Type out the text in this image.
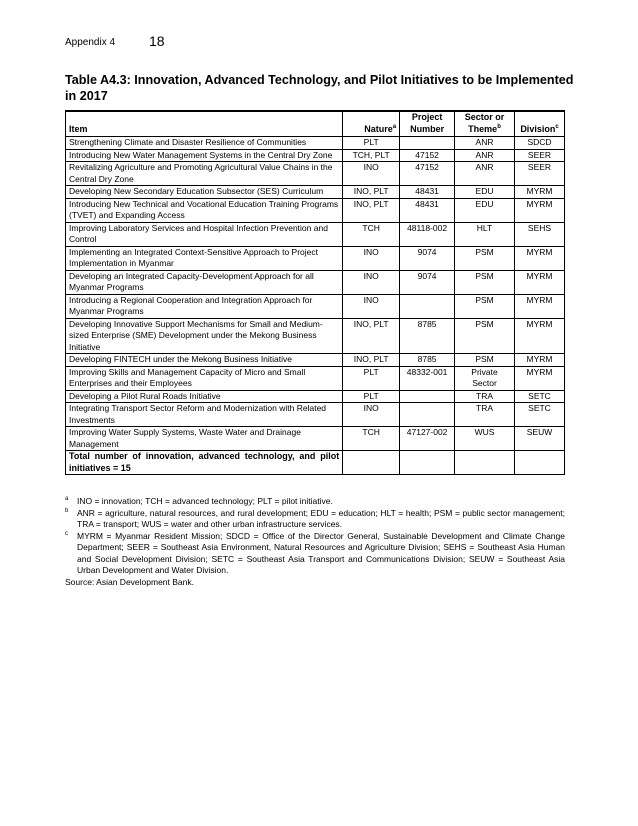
Appendix 4 18
Table A4.3: Innovation, Advanced Technology, and Pilot Initiatives to be Implemented in 2017
Item	Nature$^a$	Project Number	Sector or Theme$^b$	Division$^c$
Strengthening Climate and Disaster Resilience of Communities	PLT		ANR	SDCD
Introducing New Water Management Systems in the Central Dry Zone	TCH, PLT	47152	ANR	SEER
Revitalizing Agriculture and Promoting Agricultural Value Chains in the Central Dry Zone	INO	47152	ANR	SEER
Developing New Secondary Education Subsector (SES) Curriculum	INO, PLT	48431	EDU	MYRM
Introducing New Technical and Vocational Education Training Programs (TVET) and Expanding Access	INO, PLT	48431	EDU	MYRM
Improving Laboratory Services and Hospital Infection Prevention and Control	TCH	48118-002	HLT	SEHS
Implementing an Integrated Context-Sensitive Approach to Project Implementation in Myanmar	INO	9074	PSM	MYRM
Developing an Integrated Capacity-Development Approach for all Myanmar Programs	INO	9074	PSM	MYRM
Introducing a Regional Cooperation and Integration Approach for Myanmar Programs	INO		PSM	MYRM
Developing Innovative Support Mechanisms for Small and Medium-sized Enterprise (SME) Development under the Mekong Business Initiative	INO, PLT	8785	PSM	MYRM
Developing FINTECH under the Mekong Business Initiative	INO, PLT	8785	PSM	MYRM
Improving Skills and Management Capacity of Micro and Small Enterprises and their Employees	PLT	48332-001	Private Sector	MYRM
Developing a Pilot Rural Roads Initiative	PLT		TRA	SETC
Integrating Transport Sector Reform and Modernization with Related Investments	INO		TRA	SETC
Improving Water Supply Systems, Waste Water and Drainage Management	TCH	47127-002	WUS	SEUW
Total number of innovation, advanced technology, and pilot initiatives = 15				
a INO = innovation; TCH = advanced technology; PLT = pilot initiative.
b ANR = agriculture, natural resources, and rural development; EDU = education; HLT = health; PSM = public sector management; TRA = transport; WUS = water and other urban infrastructure services.
c MYRM = Myanmar Resident Mission; SDCD = Office of the Director General, Sustainable Development and Climate Change Department; SEER = Southeast Asia Environment, Natural Resources and Agriculture Division; SEHS = Southeast Asia Human and Social Development Division; SETC = Southeast Asia Transport and Communications Division; SEUW = Southeast Asia Urban Development and Water Division.
Source: Asian Development Bank.
